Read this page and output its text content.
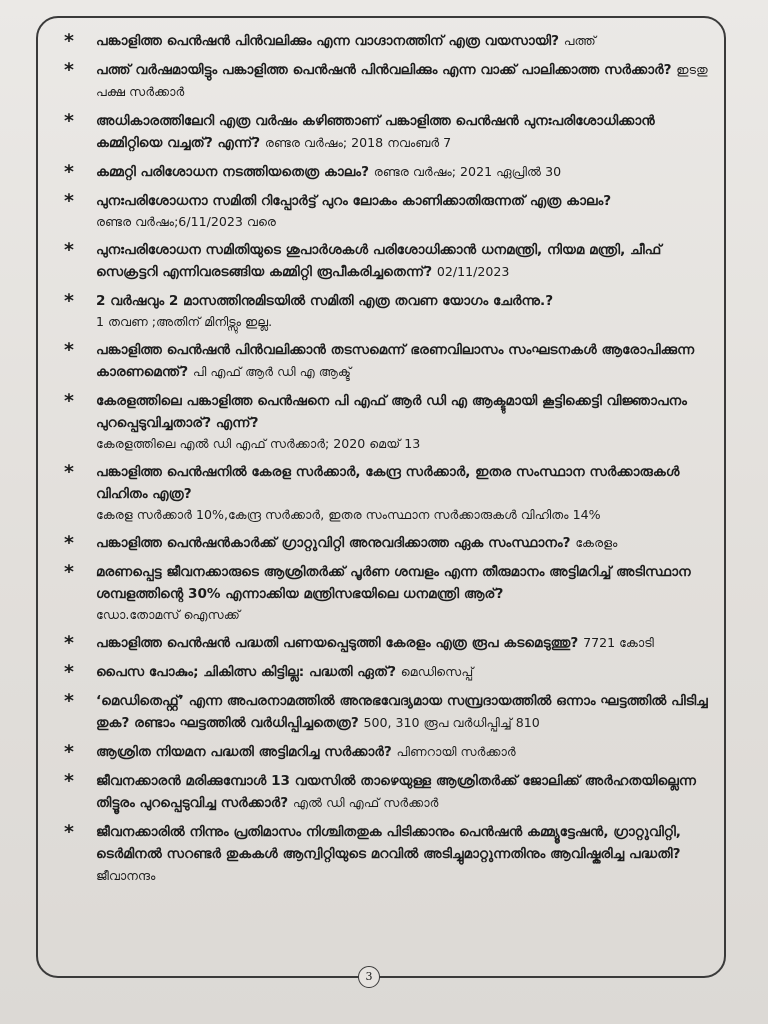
* പങ്കാളിത്ത പെൻഷൻ പിൻവലിക്കും എന്ന വാഗ്ദാനത്തിന് എത്ര വയസായി? പത്ത്

* പത്ത് വർഷമായിട്ടും പങ്കാളിത്ത പെൻഷൻ പിൻവലിക്കും എന്ന വാക്ക് പാലിക്കാത്ത സർക്കാർ? ഇടതു പക്ഷ സർക്കാർ

* അധികാരത്തിലേറി എത്ര വർഷം കഴിഞ്ഞാണ് പങ്കാളിത്ത പെൻഷൻ പുനഃപരിശോധിക്കാൻ കമ്മിറ്റിയെ വച്ചത്? എന്ന്? രണ്ടര വർഷം; 2018 നവംബർ 7

* കമ്മറ്റി പരിശോധന നടത്തിയതെത്ര കാലം? രണ്ടര വർഷം; 2021 ഏപ്രിൽ 30

* പുനഃപരിശോധനാ സമിതി റിപ്പോർട്ട് പുറം ലോകം കാണിക്കാതിരുന്നത് എത്ര കാലം?

രണ്ടര വർഷം;6/11/2023 വരെ

* പുനഃപരിശോധന സമിതിയുടെ ശുപാർശകൾ പരിശോധിക്കാൻ ധനമന്ത്രി, നിയമ മന്ത്രി, ചീഫ് സെക്രട്ടറി എന്നിവരടങ്ങിയ കമ്മിറ്റി രൂപീകരിച്ചതെന്ന്? 02/11/2023

* 2 വർഷവും 2 മാസത്തിനുമിടയിൽ സമിതി എത്ര തവണ യോഗം ചേർന്നു.?

1 തവണ ;അതിന് മിനിട്സും ഇല്ല.

* പങ്കാളിത്ത പെൻഷൻ പിൻവലിക്കാൻ തടസമെന്ന് ഭരണവിലാസം സംഘടനകൾ ആരോപിക്കുന്ന കാരണമെന്ത്? പി എഫ് ആർ ഡി എ ആക്ട്

* കേരളത്തിലെ പങ്കാളിത്ത പെൻഷനെ പി എഫ് ആർ ഡി എ ആക്ടുമായി കൂട്ടിക്കെട്ടി വിജ്ഞാപനം പുറപ്പെടുവിച്ചതാര്? എന്ന്?

കേരളത്തിലെ എൽ ഡി എഫ് സർക്കാർ; 2020 മെയ് 13

* പങ്കാളിത്ത പെൻഷനിൽ കേരള സർക്കാർ, കേന്ദ്ര സർക്കാർ, ഇതര സംസ്ഥാന സർക്കാരുകൾ വിഹിതം എത്ര?

കേരള സർക്കാർ 10%,കേന്ദ്ര സർക്കാർ, ഇതര സംസ്ഥാന സർക്കാരുകൾ വിഹിതം 14%

* പങ്കാളിത്ത പെൻഷൻകാർക്ക് ഗ്രാറ്റുവിറ്റി അനുവദിക്കാത്ത ഏക സംസ്ഥാനം? കേരളം

* മരണപ്പെട്ട ജീവനക്കാരുടെ ആശ്രിതർക്ക് പൂർണ ശമ്പളം എന്ന തീരുമാനം അട്ടിമറിച്ച് അടിസ്ഥാന ശമ്പളത്തിന്റെ 30% എന്നാക്കിയ മന്ത്രിസഭയിലെ ധനമന്ത്രി ആര്?

ഡോ.തോമസ് ഐസക്ക്

* പങ്കാളിത്ത പെൻഷൻ പദ്ധതി പണയപ്പെടുത്തി കേരളം എത്ര രൂപ കടമെടുത്തു? 7721 കോടി

* പൈസ പോകും; ചികിത്സ കിട്ടില്ല: പദ്ധതി ഏത്? മെഡിസെപ്പ്

* ‘മെഡിതെഫ്റ്റ്’ എന്ന അപരനാമത്തിൽ അനുഭവേദ്യമായ സമ്പ്രദായത്തിൽ ഒന്നാം ഘട്ടത്തിൽ പിടിച്ച തുക? രണ്ടാം ഘട്ടത്തിൽ വർധിപ്പിച്ചതെത്ര? 500, 310 രൂപ വർധിപ്പിച്ച് 810

* ആശ്രിത നിയമന പദ്ധതി അട്ടിമറിച്ച സർക്കാർ? പിണറായി സർക്കാർ

* ജീവനക്കാരൻ മരിക്കുമ്പോൾ 13 വയസിൽ താഴെയുള്ള ആശ്രിതർക്ക് ജോലിക്ക് അർഹതയില്ലെന്ന തിട്ടൂരം പുറപ്പെടുവിച്ച സർക്കാർ? എൽ ഡി എഫ് സർക്കാർ

* ജീവനക്കാരിൽ നിന്നും പ്രതിമാസം നിശ്ചിതതുക പിടിക്കാനും പെൻഷൻ കമ്മ്യൂട്ടേഷൻ, ഗ്രാറ്റുവിറ്റി, ടെർമിനൽ സറണ്ടർ തുകകൾ ആന്വിറ്റിയുടെ മറവിൽ അടിച്ചുമാറ്റുന്നതിനും ആവിഷ്കരിച്ച പദ്ധതി? ജീവാനന്ദം

3
